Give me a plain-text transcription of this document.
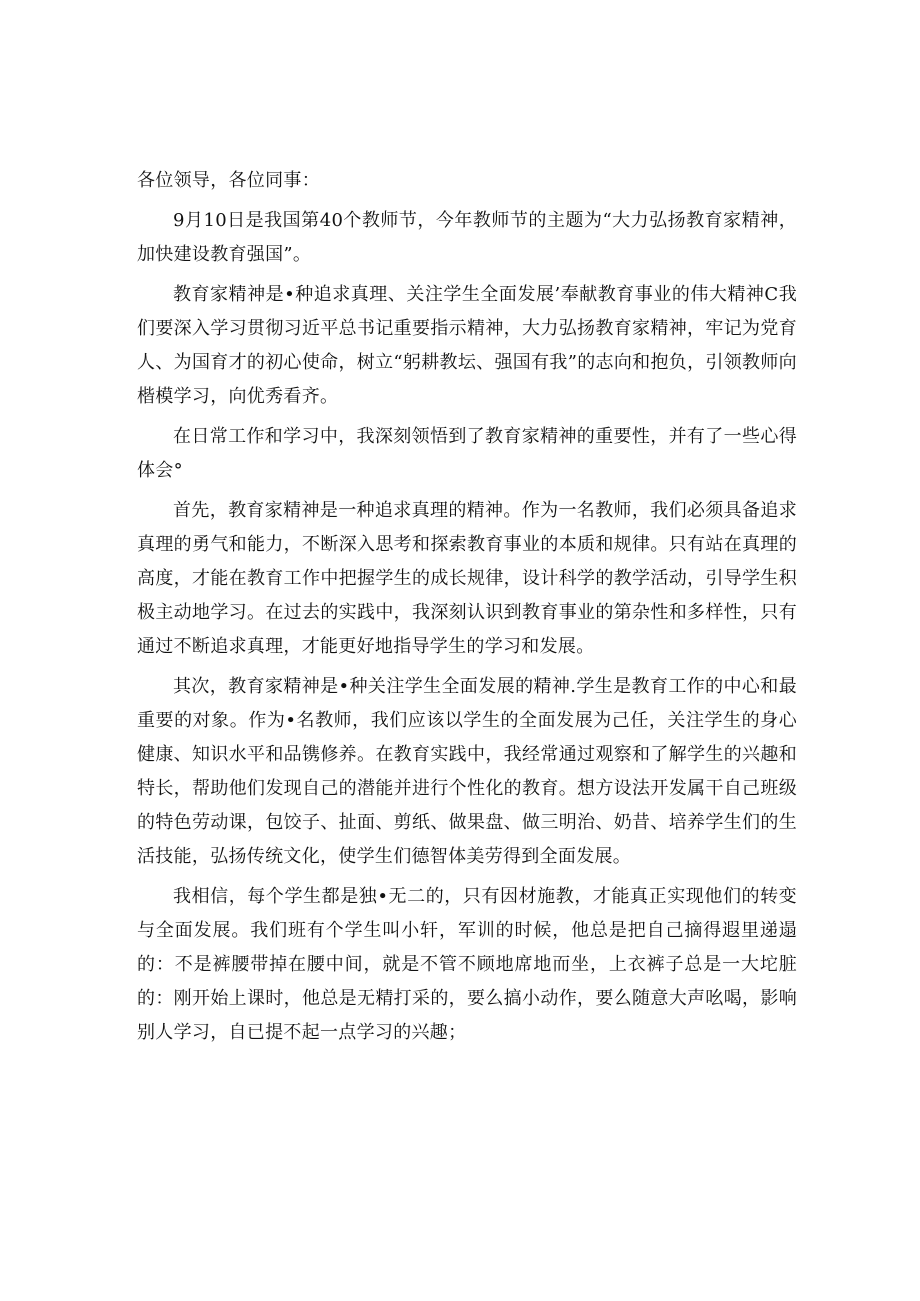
各位领导，各位同事：

9月10日是我国第40个教师节，今年教师节的主题为“大力弘扬教育家精神，加快建设教育强国”。

教育家精神是•种追求真理、关注学生全面发展’奉献教育事业的伟大精神C我们要深入学习贯彻习近平总书记重要指示精神，大力弘扬教育家精神，牢记为党育人、为国育才的初心使命，树立“躬耕教坛、强国有我”的志向和抱负，引领教师向楷模学习，向优秀看齐。

在日常工作和学习中，我深刻领悟到了教育家精神的重要性，并有了一些心得体会°

首先，教育家精神是一种追求真理的精神。作为一名教师，我们必须具备追求真理的勇气和能力，不断深入思考和探索教育事业的本质和规律。只有站在真理的高度，才能在教育工作中把握学生的成长规律，设计科学的教学活动，引导学生积极主动地学习。在过去的实践中，我深刻认识到教育事业的第杂性和多样性，只有通过不断追求真理，才能更好地指导学生的学习和发展。

其次，教育家精神是•种关注学生全面发展的精神.学生是教育工作的中心和最重要的对象。作为•名教师，我们应该以学生的全面发展为己任，关注学生的身心健康、知识水平和品镌修养。在教育实践中，我经常通过观察和了解学生的兴趣和特长，帮助他们发现自己的潜能并进行个性化的教育。想方设法开发属干自己班级的特色劳动课，包饺子、扯面、剪纸、做果盘、做三明治、奶昔、培养学生们的生活技能，弘扬传统文化，使学生们德智体美劳得到全面发展。

我相信，每个学生都是独•无二的，只有因材施教，才能真正实现他们的转变与全面发展。我们班有个学生叫小轩，军训的时候，他总是把自己摘得遐里递遢的：不是裤腰带掉在腰中间，就是不管不顾地席地而坐，上衣裤子总是一大坨脏的：刚开始上课时，他总是无精打采的，要么搞小动作，要么随意大声吆喝，影响别人学习，自已提不起一点学习的兴趣；
